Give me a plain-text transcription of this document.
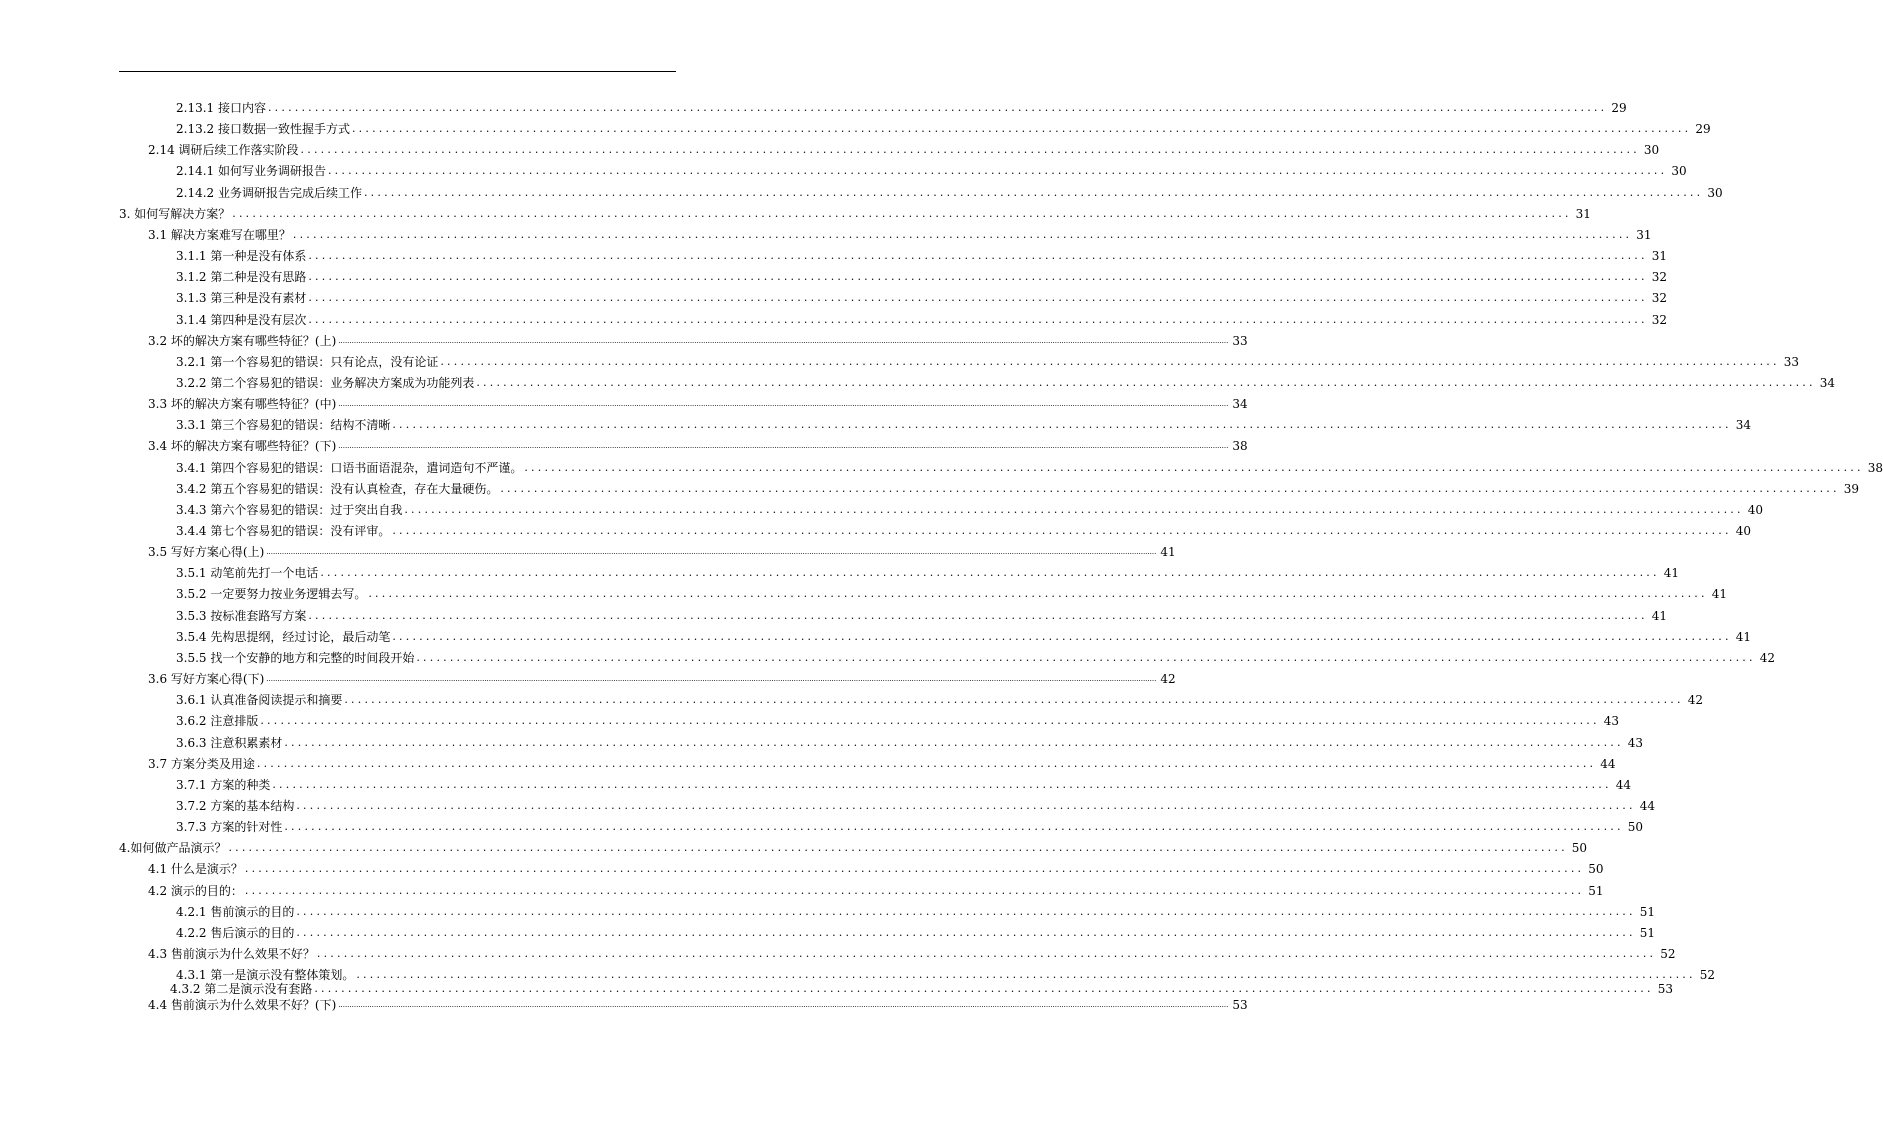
2.13.1 接口内容 ........................................................................................................................................................................................................ 29
2.13.2 接口数据一致性握手方式 ........................................................................................................................................................................................................ 29
2.14 调研后续工作落实阶段 ........................................................................................................................................................................................................ 30
2.14.1 如何写业务调研报告 ........................................................................................................................................................................................................ 30
2.14.2 业务调研报告完成后续工作 ........................................................................................................................................................................................................ 30
3. 如何写解决方案？ ........................................................................................................................................................................................................ 31
3.1 解决方案难写在哪里？ ........................................................................................................................................................................................................ 31
3.1.1 第一种是没有体系 ........................................................................................................................................................................................................ 31
3.1.2 第二种是没有思路 ........................................................................................................................................................................................................ 32
3.1.3 第三种是没有素材 ........................................................................................................................................................................................................ 32
3.1.4 第四种是没有层次 ........................................................................................................................................................................................................ 32
3.2 坏的解决方案有哪些特征？(上) ................................................................................................................................................................................................................................................................................................................................................................................................................ 33
3.2.1 第一个容易犯的错误：只有论点，没有论证 ........................................................................................................................................................................................................ 33
3.2.2 第二个容易犯的错误：业务解决方案成为功能列表 ........................................................................................................................................................................................................ 34
3.3 坏的解决方案有哪些特征？(中) ................................................................................................................................................................................................................................................................................................................................................................................................................ 34
3.3.1 第三个容易犯的错误：结构不清晰 ........................................................................................................................................................................................................ 34
3.4 坏的解决方案有哪些特征？(下) ................................................................................................................................................................................................................................................................................................................................................................................................................ 38
3.4.1 第四个容易犯的错误：口语书面语混杂，遣词造句不严谨。 ........................................................................................................................................................................................................ 38
3.4.2 第五个容易犯的错误：没有认真检查，存在大量硬伤。 ........................................................................................................................................................................................................ 39
3.4.3 第六个容易犯的错误：过于突出自我 ........................................................................................................................................................................................................ 40
3.4.4 第七个容易犯的错误：没有评审。 ........................................................................................................................................................................................................ 40
3.5 写好方案心得(上) ................................................................................................................................................................................................................................................................................................................................................................................................................ 41
3.5.1 动笔前先打一个电话 ........................................................................................................................................................................................................ 41
3.5.2 一定要努力按业务逻辑去写。 ........................................................................................................................................................................................................ 41
3.5.3 按标准套路写方案 ........................................................................................................................................................................................................ 41
3.5.4 先构思提纲，经过讨论，最后动笔 ........................................................................................................................................................................................................ 41
3.5.5 找一个安静的地方和完整的时间段开始 ........................................................................................................................................................................................................ 42
3.6 写好方案心得(下) ................................................................................................................................................................................................................................................................................................................................................................................................................ 42
3.6.1 认真准备阅读提示和摘要 ........................................................................................................................................................................................................ 42
3.6.2 注意排版 ........................................................................................................................................................................................................ 43
3.6.3 注意积累素材 ........................................................................................................................................................................................................ 43
3.7 方案分类及用途 ........................................................................................................................................................................................................ 44
3.7.1 方案的种类 ........................................................................................................................................................................................................ 44
3.7.2 方案的基本结构 ........................................................................................................................................................................................................ 44
3.7.3 方案的针对性 ........................................................................................................................................................................................................ 50
4.如何做产品演示？ ........................................................................................................................................................................................................ 50
4.1 什么是演示？ ........................................................................................................................................................................................................ 50
4.2 演示的目的： ........................................................................................................................................................................................................ 51
4.2.1 售前演示的目的 ........................................................................................................................................................................................................ 51
4.2.2 售后演示的目的 ........................................................................................................................................................................................................ 51
4.3 售前演示为什么效果不好？ ........................................................................................................................................................................................................ 52
4.3.1 第一是演示没有整体策划。 ........................................................................................................................................................................................................ 52
4.3.2 第二是演示没有套路 ........................................................................................................................................................................................................ 53
4.4 售前演示为什么效果不好？(下) ................................................................................................................................................................................................................................................................................................................................................................................................................ 53
